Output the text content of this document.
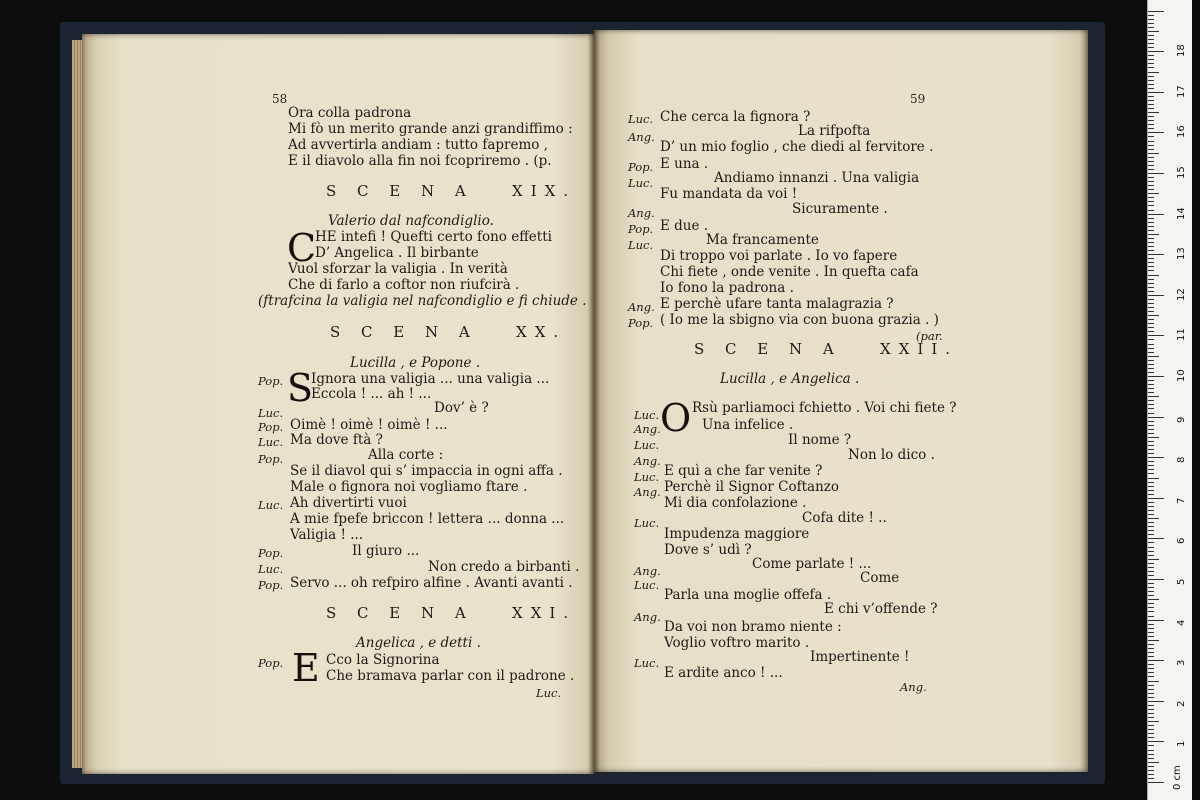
58
Ora colla padrona
Mi fò un merito grande anzi grandiffimo :
Ad avvertirla andiam : tutto fapremo ,
E il diavolo alla fin noi fcopriremo . (p.
S C E N A   XIX.
Valerio dal nafcondiglio.
C
HE intefi ! Quefti certo fono effetti
D’ Angelica . Il birbante
Vuol sforzar la valigia . In verità
Che di farlo a coftor non riufcirà .
(ftrafcina la valigia nel nafcondiglio e fi chiude .
S C E N A   XX.
Lucilla , e Popone .
S
Pop. Ignora una valigia ... una valigia ...
Eccola ! ... ah ! ...
Luc.	Dov’ è ?
Pop. Oimè ! oimè ! oimè ! ...
Luc. Ma dove ftà ?
Pop.	Alla corte :
Se il diavol qui s’ impaccia in ogni affa .
Male o fignora noi vogliamo ftare .
Luc. Ah divertirti vuoi
A mie fpefe briccon ! lettera ... donna ...
Valigia ! ...
Pop.	Il giuro ...
Luc.	Non credo a birbanti .
Pop. Servo ... oh refpiro alfine . Avanti avanti .
S C E N A   XXI.
Angelica , e detti .
Pop. E Cco la Signorina
Che bramava parlar con il padrone .
Luc.
59
Luc. Che cerca la fignora ?
Ang.	La rifpofta
D’ un mio foglio , che diedi al fervitore .
Pop. E una .
Luc.	Andiamo innanzi . Una valigia
Fu mandata da voi !
Ang.	Sicuramente .
Pop. E due .
Luc.	Ma francamente
Di troppo voi parlate . Io vo fapere
Chi fiete , onde venite . In quefta cafa
Io fono la padrona .
Ang. E perchè ufare tanta malagrazia ?
Pop. ( Io me la sbigno via con buona grazia . )
(par.
S C E N A   XXII.
Lucilla , e Angelica .
O
Luc. Rsù parliamoci fchietto . Voi chi fiete ?
Ang.	Una infelice .
Luc.	Il nome ?
Ang.	Non lo dico .
Luc. E quì a che far venite ?
Ang. Perchè il Signor Coftanzo
Mi dia confolazione .
Luc.	Cofa dite ! ..
Impudenza maggiore
Dove s’ udì ?
Ang.	Come parlate ! ...
Luc.	Come
Parla una moglie offefa .
Ang.	E chi v’offende ?
Da voi non bramo niente :
Voglio voftro marito .
Luc.	Impertinente !
E ardite anco ! ...
Ang.
0 cm
1
2
3
4
5
6
7
8
9
10
11
12
13
14
15
16
17
18
